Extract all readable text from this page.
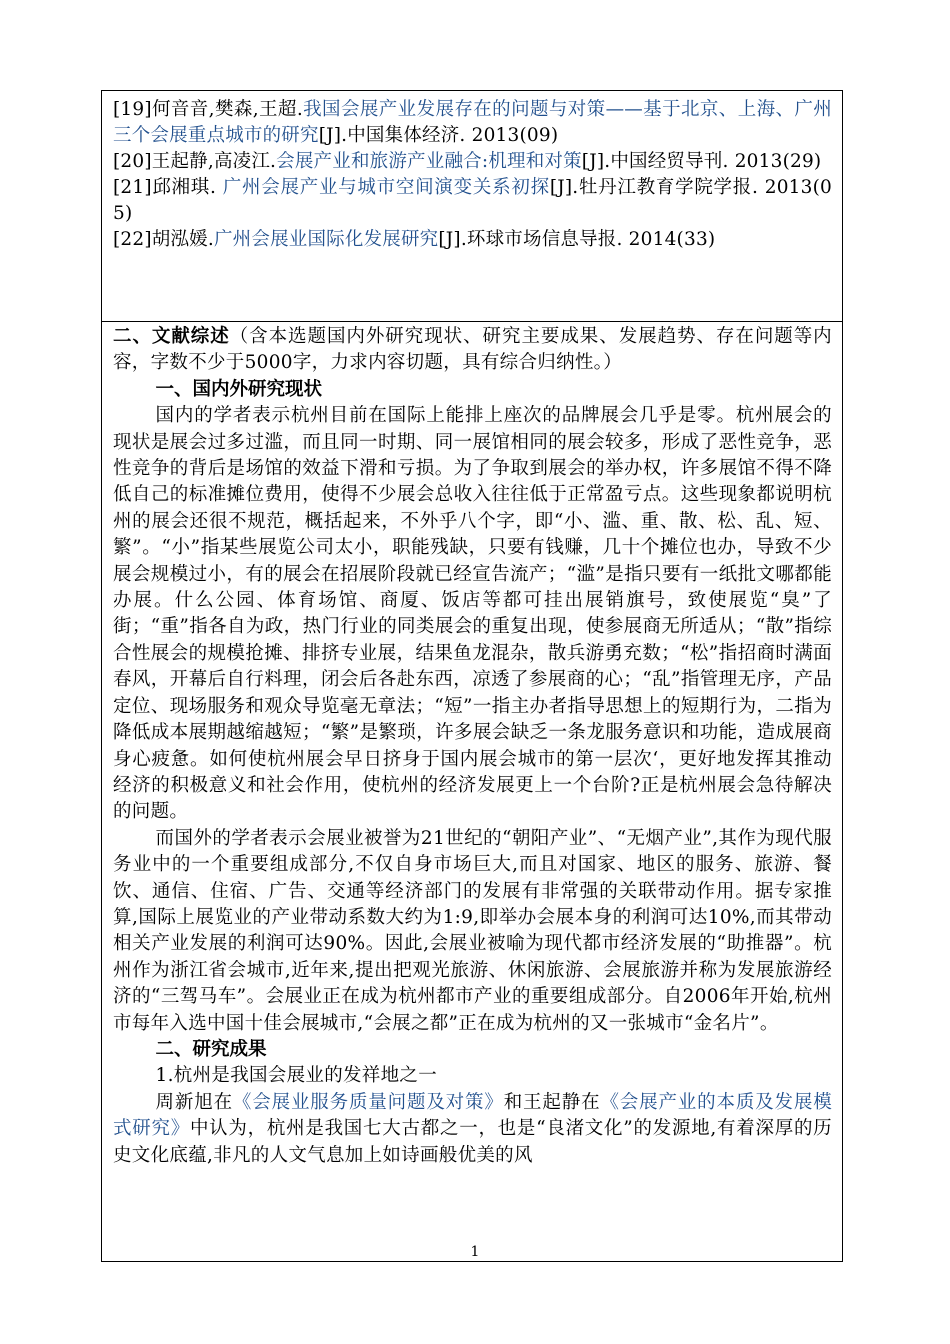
[19]何音音,樊森,王超.我国会展产业发展存在的问题与对策——基于北京、上海、广州三个会展重点城市的研究[J].中国集体经济. 2013(09)
[20]王起静,高凌江.会展产业和旅游产业融合:机理和对策[J].中国经贸导刊. 2013(29)
[21]邱湘琪. 广州会展产业与城市空间演变关系初探[J].牡丹江教育学院学报. 2013(05)
[22]胡泓媛.广州会展业国际化发展研究[J].环球市场信息导报. 2014(33)
二、文献综述（含本选题国内外研究现状、研究主要成果、发展趋势、存在问题等内容，字数不少于5000字，力求内容切题，具有综合归纳性。）
一、国内外研究现状

国内的学者表示杭州目前在国际上能排上座次的品牌展会几乎是零。杭州展会的现状是展会过多过滥，而且同一时期、同一展馆相同的展会较多，形成了恶性竞争，恶性竞争的背后是场馆的效益下滑和亏损。为了争取到展会的举办权，许多展馆不得不降低自己的标准摊位费用，使得不少展会总收入往往低于正常盈亏点。这些现象都说明杭州的展会还很不规范，概括起来，不外乎八个字，即“小、滥、重、散、松、乱、短、繁”。“小”指某些展览公司太小，职能残缺，只要有钱赚，几十个摊位也办，导致不少展会规模过小，有的展会在招展阶段就已经宣告流产；“滥”是指只要有一纸批文哪都能办展。什么公园、体育场馆、商厦、饭店等都可挂出展销旗号，致使展览“臭”了街；“重”指各自为政，热门行业的同类展会的重复出现，使参展商无所适从；“散”指综合性展会的规模抢摊、排挤专业展，结果鱼龙混杂，散兵游勇充数；“松”指招商时满面春风，开幕后自行料理，闭会后各赴东西，凉透了参展商的心；“乱”指管理无序，产品定位、现场服务和观众导览毫无章法；“短”一指主办者指导思想上的短期行为，二指为降低成本展期越缩越短；“繁”是繁琐，许多展会缺乏一条龙服务意识和功能，造成展商身心疲惫。如何使杭州展会早日挤身于国内展会城市的第一层次‘，更好地发挥其推动经济的积极意义和社会作用，使杭州的经济发展更上一个台阶?正是杭州展会急待解决的问题。

而国外的学者表示会展业被誉为21世纪的“朝阳产业”、“无烟产业”,其作为现代服务业中的一个重要组成部分,不仅自身市场巨大,而且对国家、地区的服务、旅游、餐饮、通信、住宿、广告、交通等经济部门的发展有非常强的关联带动作用。据专家推算,国际上展览业的产业带动系数大约为1:9,即举办会展本身的利润可达10%,而其带动相关产业发展的利润可达90%。因此,会展业被喻为现代都市经济发展的“助推器”。杭州作为浙江省会城市,近年来,提出把观光旅游、休闲旅游、会展旅游并称为发展旅游经济的“三驾马车”。会展业正在成为杭州都市产业的重要组成部分。自2006年开始,杭州市每年入选中国十佳会展城市,“会展之都”正在成为杭州的又一张城市“金名片”。

二、研究成果

1.杭州是我国会展业的发祥地之一

周新旭在《会展业服务质量问题及对策》和王起静在《会展产业的本质及发展模式研究》中认为，杭州是我国七大古都之一，也是“良渚文化”的发源地,有着深厚的历史文化底蕴,非凡的人文气息加上如诗画般优美的风

1
